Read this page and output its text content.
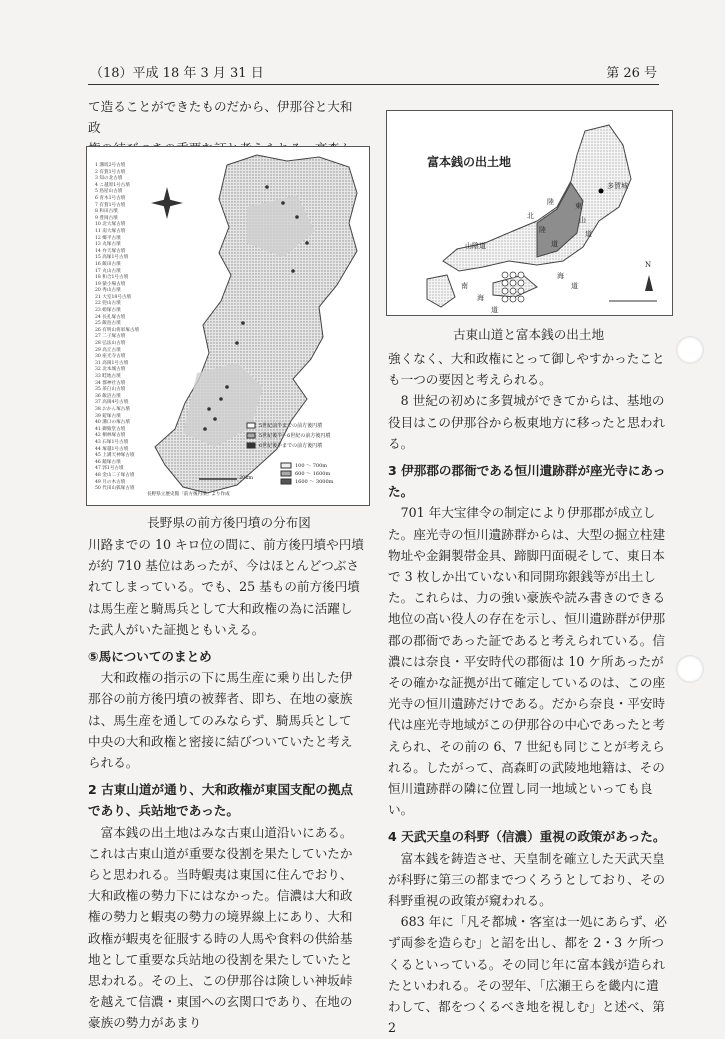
（18）平成 18 年 3 月 31 日	第 26 号

て造ることができたものだから、伊那谷と大和政

1 溝坂2号古墳
2 有賀1号古墳
3 知の北古墳
4 こ越原1号古墳
5 島屋山古墳
6 青木1号古墳
7 有賀1号古墳
8 和田古墳
9 豊岡古墳
10 北大塚古墳
11 南大塚古墳
12 郷平古墳
13 丸塚古墳
14 弁天塚古墳
15 高塚1号古墳
16 飯田古墳
17 丸山古墳
18 和合1号古墳
19 猿小場古墳
20 秀山古墳
21 大室18号古墳
22 兜山古墳
23 姫塚古墳
24 長礼塚古墳
25 飯島古墳
26 有明山将軍塚古墳
27 二子塚古墳
28 弘法山古墳
29 高丘古墳
30 座光寺古墳
31 高岡1号古墳
32 北本城古墳
33 畦地古墳
34 郡神社古墳
35 茶臼山古墳
36 飯沼古墳
37 高岡4号古墳
38 おかん塚古墳
39 鎧塚古墳
40 溝口の塚古墳
41 御猿堂古墳
42 桐林塚古墳
43 石塚1号古墳
44 塚越1号古墳
45 上溝天神塚古墳
46 鏡塚古墳
47 郭1号古墳
48 金山二子塚古墳
49 月の木古墳
50 代田山狐塚古墳
5世紀前半までの前方後円墳
5世紀後半〜6世紀の前方後円墳
6世紀後半までの前方後円墳
100 〜 700m
600 〜 1600m
1600 〜 3000m
20km
長野県立歴史館「前方後円墳」より作成
長野県の前方後円墳の分布図

川路までの 10 キロ位の間に、前方後円墳や円墳が約 710 基位はあったが、今はほとんどつぶされてしまっている。でも、25 基もの前方後円墳は馬生産と騎馬兵として大和政権の為に活躍した武人がいた証拠ともいえる。

⑤馬についてのまとめ

大和政権の指示の下に馬生産に乗り出した伊那谷の前方後円墳の被葬者、即ち、在地の豪族は、馬生産を通してのみならず、騎馬兵として中央の大和政権と密接に結びついていたと考えられる。

2 古東山道が通り、大和政権が東国支配の拠点であり、兵站地であった。

富本銭の出土地はみな古東山道沿いにある。これは古東山道が重要な役割を果たしていたからと思われる。当時蝦夷は東国に住んでおり、大和政権の勢力下にはなかった。信濃は大和政権の勢力と蝦夷の勢力の境界線上にあり、大和政権が蝦夷を征服する時の人馬や食料の供給基地として重要な兵站地の役割を果たしていたと思われる。その上、この伊那谷は険しい神坂峠を越えて信濃・東国への玄関口であり、在地の豪族の勢力があまり

富本銭の出土地
多賀城
東
山
道
陸
北
陸
道
山陰道
南
海
道
海
道
N
古東山道と富本銭の出土地

強くなく、大和政権にとって御しやすかったことも一つの要因と考えられる。

8 世紀の初めに多賀城ができてからは、基地の役目はこの伊那谷から板東地方に移ったと思われる。

3 伊那郡の郡衙である恒川遺跡群が座光寺にあった。

701 年大宝律令の制定により伊那郡が成立した。座光寺の恒川遺跡群からは、大型の掘立柱建物址や金銅製帯金具、蹄脚円面硯そして、東日本で 3 枚しか出ていない和同開珎銀銭等が出土した。これらは、力の強い豪族や読み書きのできる地位の高い役人の存在を示し、恒川遺跡群が伊那郡の郡衙であった証であると考えられている。信濃には奈良・平安時代の郡衙は 10 ケ所あったがその確かな証拠が出て確定しているのは、この座光寺の恒川遺跡だけである。だから奈良・平安時代は座光寺地域がこの伊那谷の中心であったと考えられ、その前の 6、7 世紀も同じことが考えられる。したがって、高森町の武陵地地籍は、その恒川遺跡群の隣に位置し同一地域といっても良い。

4 天武天皇の科野（信濃）重視の政策があった。

富本銭を鋳造させ、天皇制を確立した天武天皇が科野に第三の都までつくろうとしており、その科野重視の政策が窺われる。

683 年に「凡そ都城・客室は一処にあらず、必ず両参を造らむ」と詔を出し、都を 2・3 ケ所つくるといっている。その同じ年に富本銭が造られたといわれる。その翌年、「広瀬王らを畿内に遣わして、都をつくるべき地を視しむ」と述べ、第 2
